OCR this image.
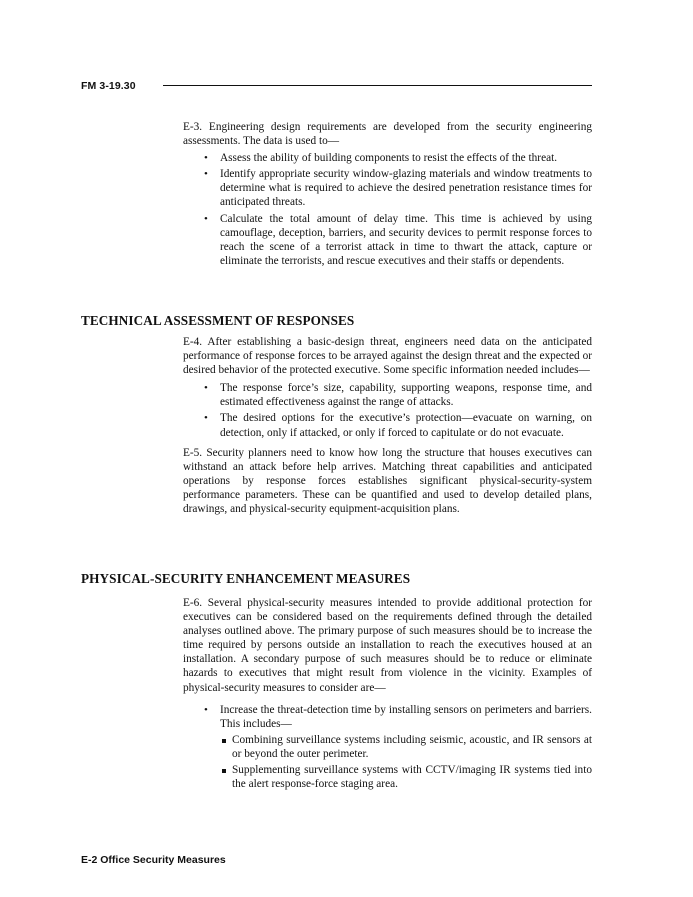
FM 3-19.30

E-3. Engineering design requirements are developed from the security engineering assessments. The data is used to—

• Assess the ability of building components to resist the effects of the threat.
• Identify appropriate security window-glazing materials and window treatments to determine what is required to achieve the desired penetration resistance times for anticipated threats.
• Calculate the total amount of delay time. This time is achieved by using camouflage, deception, barriers, and security devices to permit response forces to reach the scene of a terrorist attack in time to thwart the attack, capture or eliminate the terrorists, and rescue executives and their staffs or dependents.
TECHNICAL ASSESSMENT OF RESPONSES

E-4. After establishing a basic-design threat, engineers need data on the anticipated performance of response forces to be arrayed against the design threat and the expected or desired behavior of the protected executive. Some specific information needed includes—

• The response force’s size, capability, supporting weapons, response time, and estimated effectiveness against the range of attacks.
• The desired options for the executive’s protection—evacuate on warning, on detection, only if attacked, or only if forced to capitulate or do not evacuate.

E-5. Security planners need to know how long the structure that houses executives can withstand an attack before help arrives. Matching threat capabilities and anticipated operations by response forces establishes significant physical-security-system performance parameters. These can be quantified and used to develop detailed plans, drawings, and physical-security equipment-acquisition plans.

PHYSICAL-SECURITY ENHANCEMENT MEASURES

E-6. Several physical-security measures intended to provide additional protection for executives can be considered based on the requirements defined through the detailed analyses outlined above. The primary purpose of such measures should be to increase the time required by persons outside an installation to reach the executives housed at an installation. A secondary purpose of such measures should be to reduce or eliminate hazards to executives that might result from violence in the vicinity. Examples of physical-security measures to consider are—

• Increase the threat-detection time by installing sensors on perimeters and barriers. This includes—
Combining surveillance systems including seismic, acoustic, and IR sensors at or beyond the outer perimeter.
Supplementing surveillance systems with CCTV/imaging IR systems tied into the alert response-force staging area.
E-2 Office Security Measures
